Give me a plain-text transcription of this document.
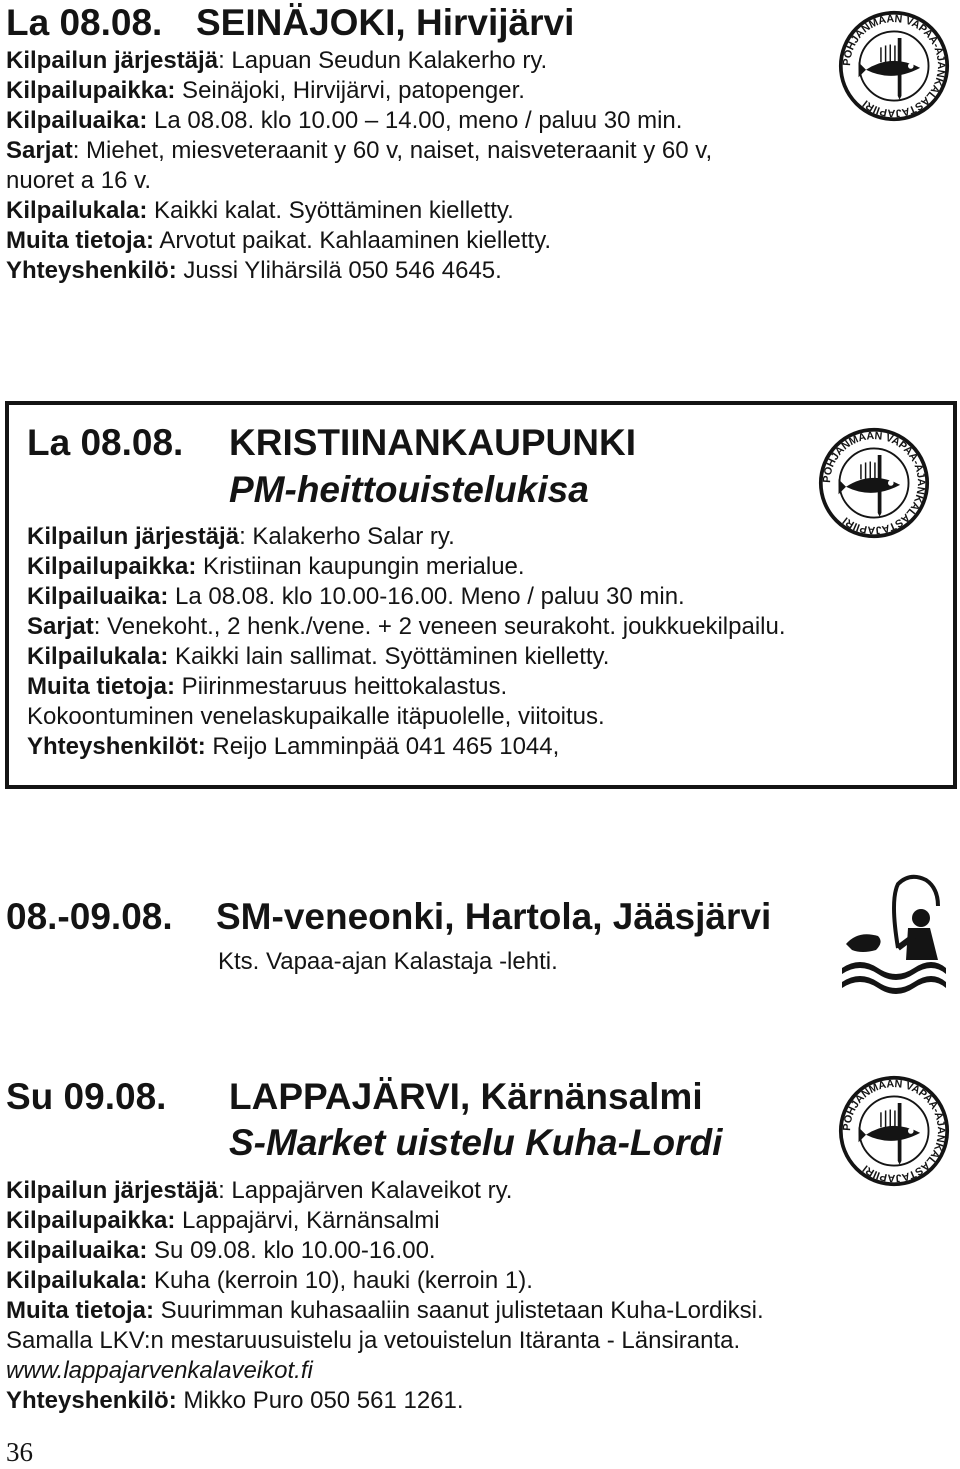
La 08.08. SEINÄJOKI, Hirvijärvi
Kilpailun järjestäjä: Lapuan Seudun Kalakerho ry.
Kilpailupaikka: Seinäjoki, Hirvijärvi, patopenger.
Kilpailuaika: La 08.08. klo 10.00 – 14.00, meno / paluu 30 min.
Sarjat: Miehet, miesveteraanit y 60 v, naiset, naisveteraanit y 60 v,
nuoret a 16 v.
Kilpailukala: Kaikki kalat. Syöttäminen kielletty.
Muita tietoja: Arvotut paikat. Kahlaaminen kielletty.
Yhteyshenkilö: Jussi Ylihärsilä 050 546 4645.
POHJANMAAN VAPAA-AJANKALASTAJAPIIRI
La 08.08. KRISTIINANKAUPUNKI
PM-heittouistelukisa
Kilpailun järjestäjä: Kalakerho Salar ry.
Kilpailupaikka: Kristiinan kaupungin merialue.
Kilpailuaika: La 08.08. klo 10.00-16.00. Meno / paluu 30 min.
Sarjat: Venekoht., 2 henk./vene. + 2 veneen seurakoht. joukkuekilpailu.
Kilpailukala: Kaikki lain sallimat. Syöttäminen kielletty.
Muita tietoja: Piirinmestaruus heittokalastus.
Kokoontuminen venelaskupaikalle itäpuolelle, viitoitus.
Yhteyshenkilöt: Reijo Lamminpää 041 465 1044,
POHJANMAAN VAPAA-AJANKALASTAJAPIIRI
08.-09.08. SM-veneonki, Hartola, Jääsjärvi
Kts. Vapaa-ajan Kalastaja -lehti.
Su 09.08. LAPPAJÄRVI, Kärnänsalmi
S-Market uistelu Kuha-Lordi
Kilpailun järjestäjä: Lappajärven Kalaveikot ry.
Kilpailupaikka: Lappajärvi, Kärnänsalmi
Kilpailuaika: Su 09.08. klo 10.00-16.00.
Kilpailukala: Kuha (kerroin 10), hauki (kerroin 1).
Muita tietoja: Suurimman kuhasaaliin saanut julistetaan Kuha-Lordiksi.
Samalla LKV:n mestaruusuistelu ja vetouistelun Itäranta - Länsiranta.
www.lappajarvenkalaveikot.fi
Yhteyshenkilö: Mikko Puro 050 561 1261.
POHJANMAAN VAPAA-AJANKALASTAJAPIIRI
36
